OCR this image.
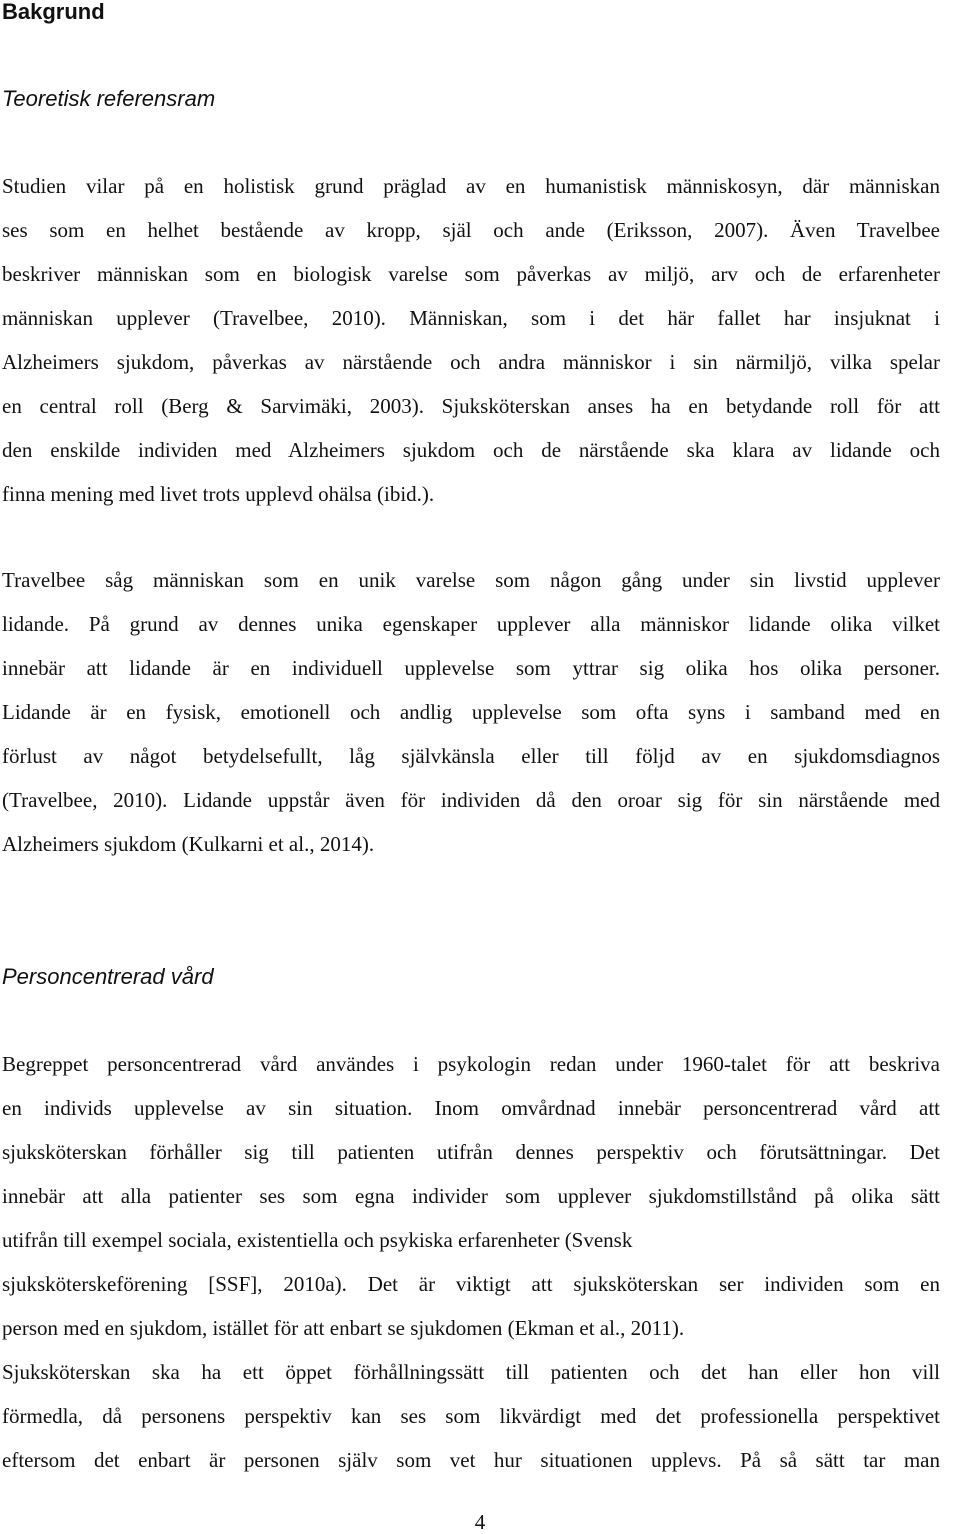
Bakgrund
Teoretisk referensram
Studien vilar på en holistisk grund präglad av en humanistisk människosyn, där människan
ses som en helhet bestående av kropp, själ och ande (Eriksson, 2007). Även Travelbee
beskriver människan som en biologisk varelse som påverkas av miljö, arv och de erfarenheter
människan upplever (Travelbee, 2010). Människan, som i det här fallet har insjuknat i
Alzheimers sjukdom, påverkas av närstående och andra människor i sin närmiljö, vilka spelar
en central roll (Berg & Sarvimäki, 2003). Sjuksköterskan anses ha en betydande roll för att
den enskilde individen med Alzheimers sjukdom och de närstående ska klara av lidande och
finna mening med livet trots upplevd ohälsa (ibid.).
Travelbee såg människan som en unik varelse som någon gång under sin livstid upplever
lidande. På grund av dennes unika egenskaper upplever alla människor lidande olika vilket
innebär att lidande är en individuell upplevelse som yttrar sig olika hos olika personer.
Lidande är en fysisk, emotionell och andlig upplevelse som ofta syns i samband med en
förlust av något betydelsefullt, låg självkänsla eller till följd av en sjukdomsdiagnos
(Travelbee, 2010). Lidande uppstår även för individen då den oroar sig för sin närstående med
Alzheimers sjukdom (Kulkarni et al., 2014).
Personcentrerad vård
Begreppet personcentrerad vård användes i psykologin redan under 1960-talet för att beskriva
en individs upplevelse av sin situation. Inom omvårdnad innebär personcentrerad vård att
sjuksköterskan förhåller sig till patienten utifrån dennes perspektiv och förutsättningar. Det
innebär att alla patienter ses som egna individer som upplever sjukdomstillstånd på olika sätt
utifrån till exempel sociala, existentiella och psykiska erfarenheter (Svensk
sjuksköterskeförening [SSF], 2010a). Det är viktigt att sjuksköterskan ser individen som en
person med en sjukdom, istället för att enbart se sjukdomen (Ekman et al., 2011).
Sjuksköterskan ska ha ett öppet förhållningssätt till patienten och det han eller hon vill
förmedla, då personens perspektiv kan ses som likvärdigt med det professionella perspektivet
eftersom det enbart är personen själv som vet hur situationen upplevs. På så sätt tar man
4
